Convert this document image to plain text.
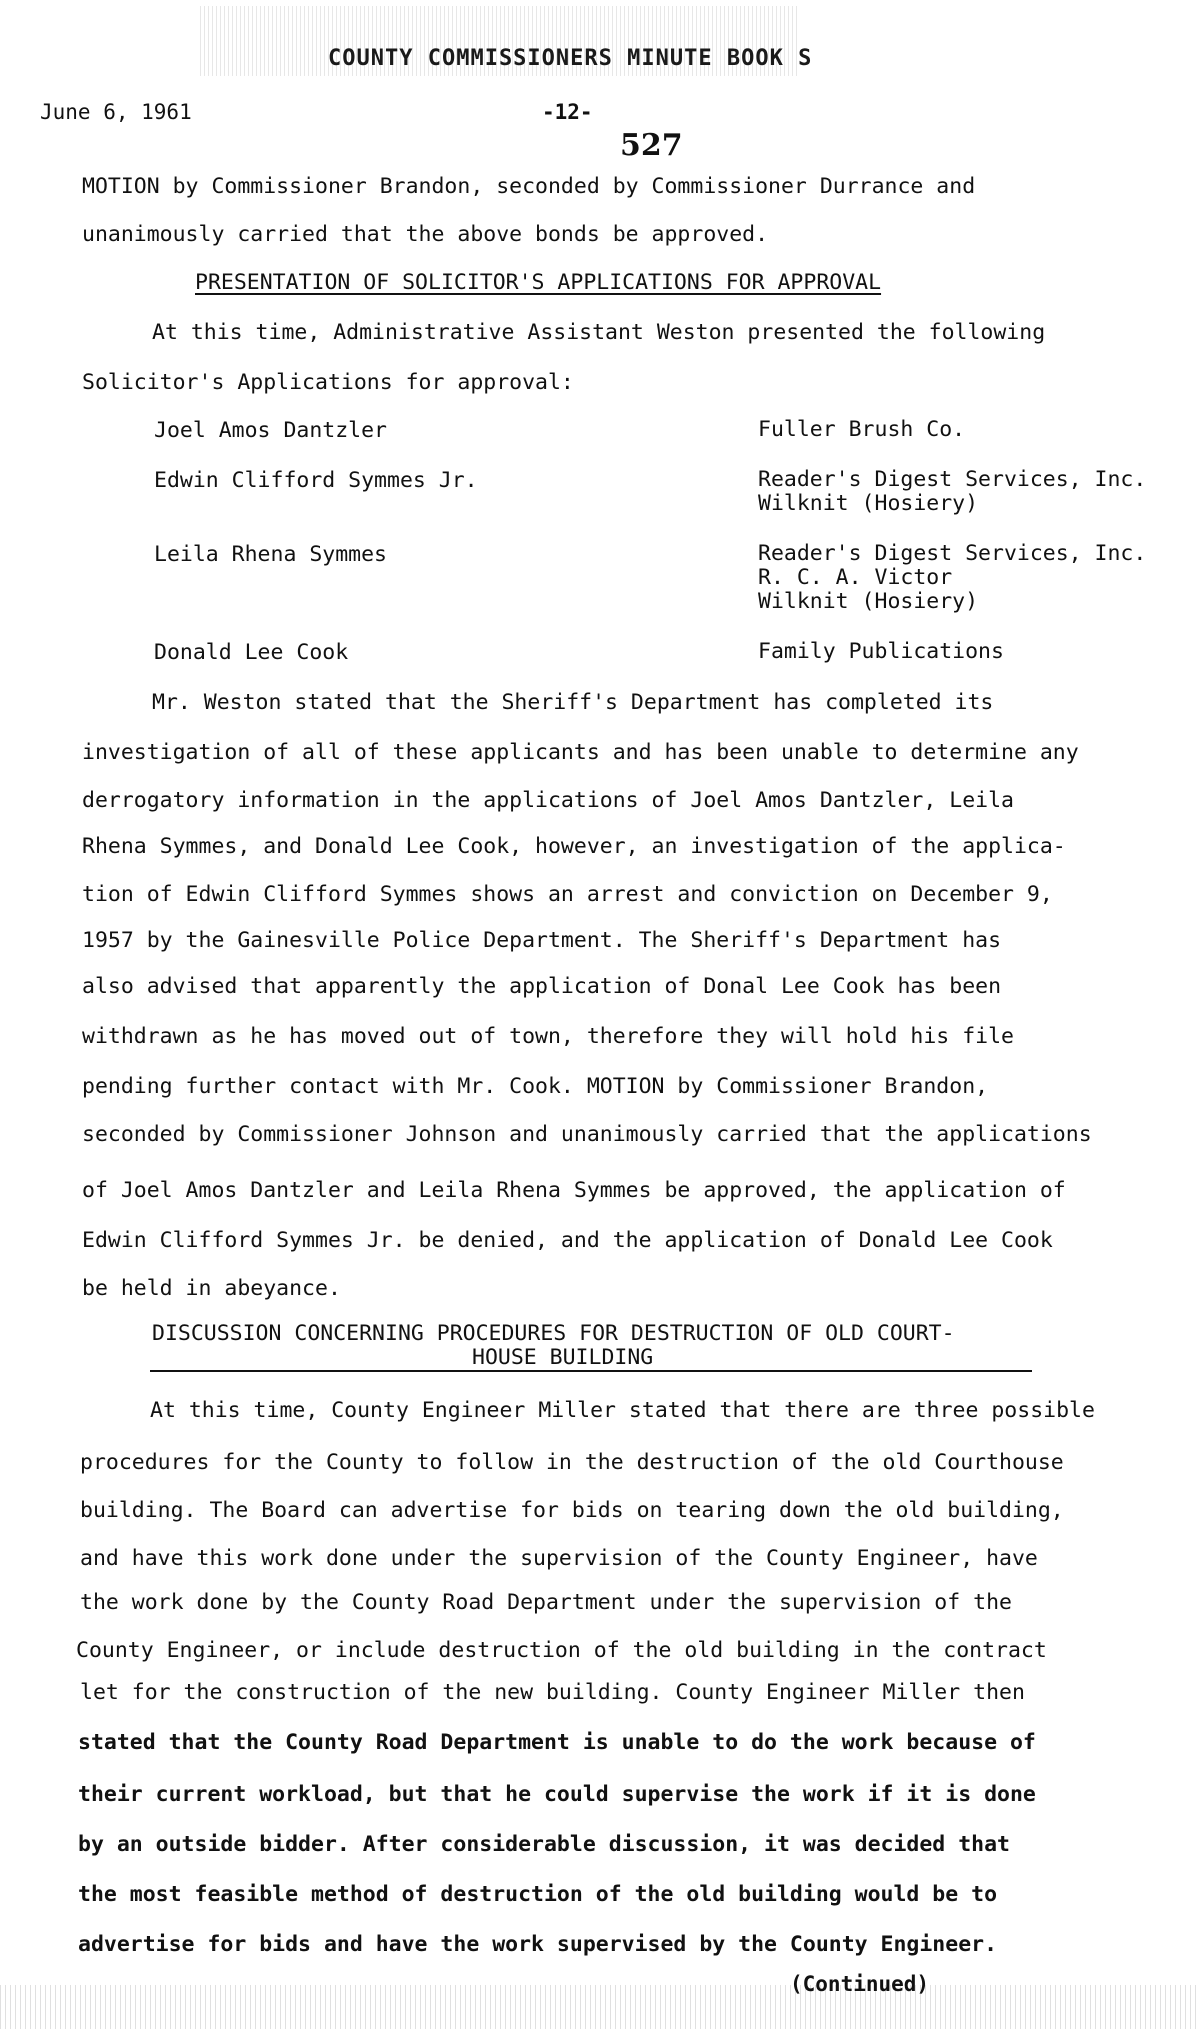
COUNTY COMMISSIONERS MINUTE BOOK S
June 6, 1961	-12-
527
MOTION by Commissioner Brandon, seconded by Commissioner Durrance and
unanimously carried that the above bonds be approved.
PRESENTATION OF SOLICITOR'S APPLICATIONS FOR APPROVAL
At this time, Administrative Assistant Weston presented the following
Solicitor's Applications for approval:
Joel Amos Dantzler	Fuller Brush Co.
Edwin Clifford Symmes Jr.	Reader's Digest Services, Inc.
Wilknit (Hosiery)
Leila Rhena Symmes	Reader's Digest Services, Inc.
R. C. A. Victor
Wilknit (Hosiery)
Donald Lee Cook	Family Publications
Mr. Weston stated that the Sheriff's Department has completed its
investigation of all of these applicants and has been unable to determine any
derrogatory information in the applications of Joel Amos Dantzler, Leila
Rhena Symmes, and Donald Lee Cook, however, an investigation of the applica-
tion of Edwin Clifford Symmes shows an arrest and conviction on December 9,
1957 by the Gainesville Police Department. The Sheriff's Department has
also advised that apparently the application of Donal Lee Cook has been
withdrawn as he has moved out of town, therefore they will hold his file
pending further contact with Mr. Cook. MOTION by Commissioner Brandon,
seconded by Commissioner Johnson and unanimously carried that the applications
of Joel Amos Dantzler and Leila Rhena Symmes be approved, the application of
Edwin Clifford Symmes Jr. be denied, and the application of Donald Lee Cook
be held in abeyance.
DISCUSSION CONCERNING PROCEDURES FOR DESTRUCTION OF OLD COURT-
HOUSE BUILDING
At this time, County Engineer Miller stated that there are three possible
procedures for the County to follow in the destruction of the old Courthouse
building. The Board can advertise for bids on tearing down the old building,
and have this work done under the supervision of the County Engineer, have
the work done by the County Road Department under the supervision of the
County Engineer, or include destruction of the old building in the contract
let for the construction of the new building. County Engineer Miller then
stated that the County Road Department is unable to do the work because of
their current workload, but that he could supervise the work if it is done
by an outside bidder. After considerable discussion, it was decided that
the most feasible method of destruction of the old building would be to
advertise for bids and have the work supervised by the County Engineer.
(Continued)
